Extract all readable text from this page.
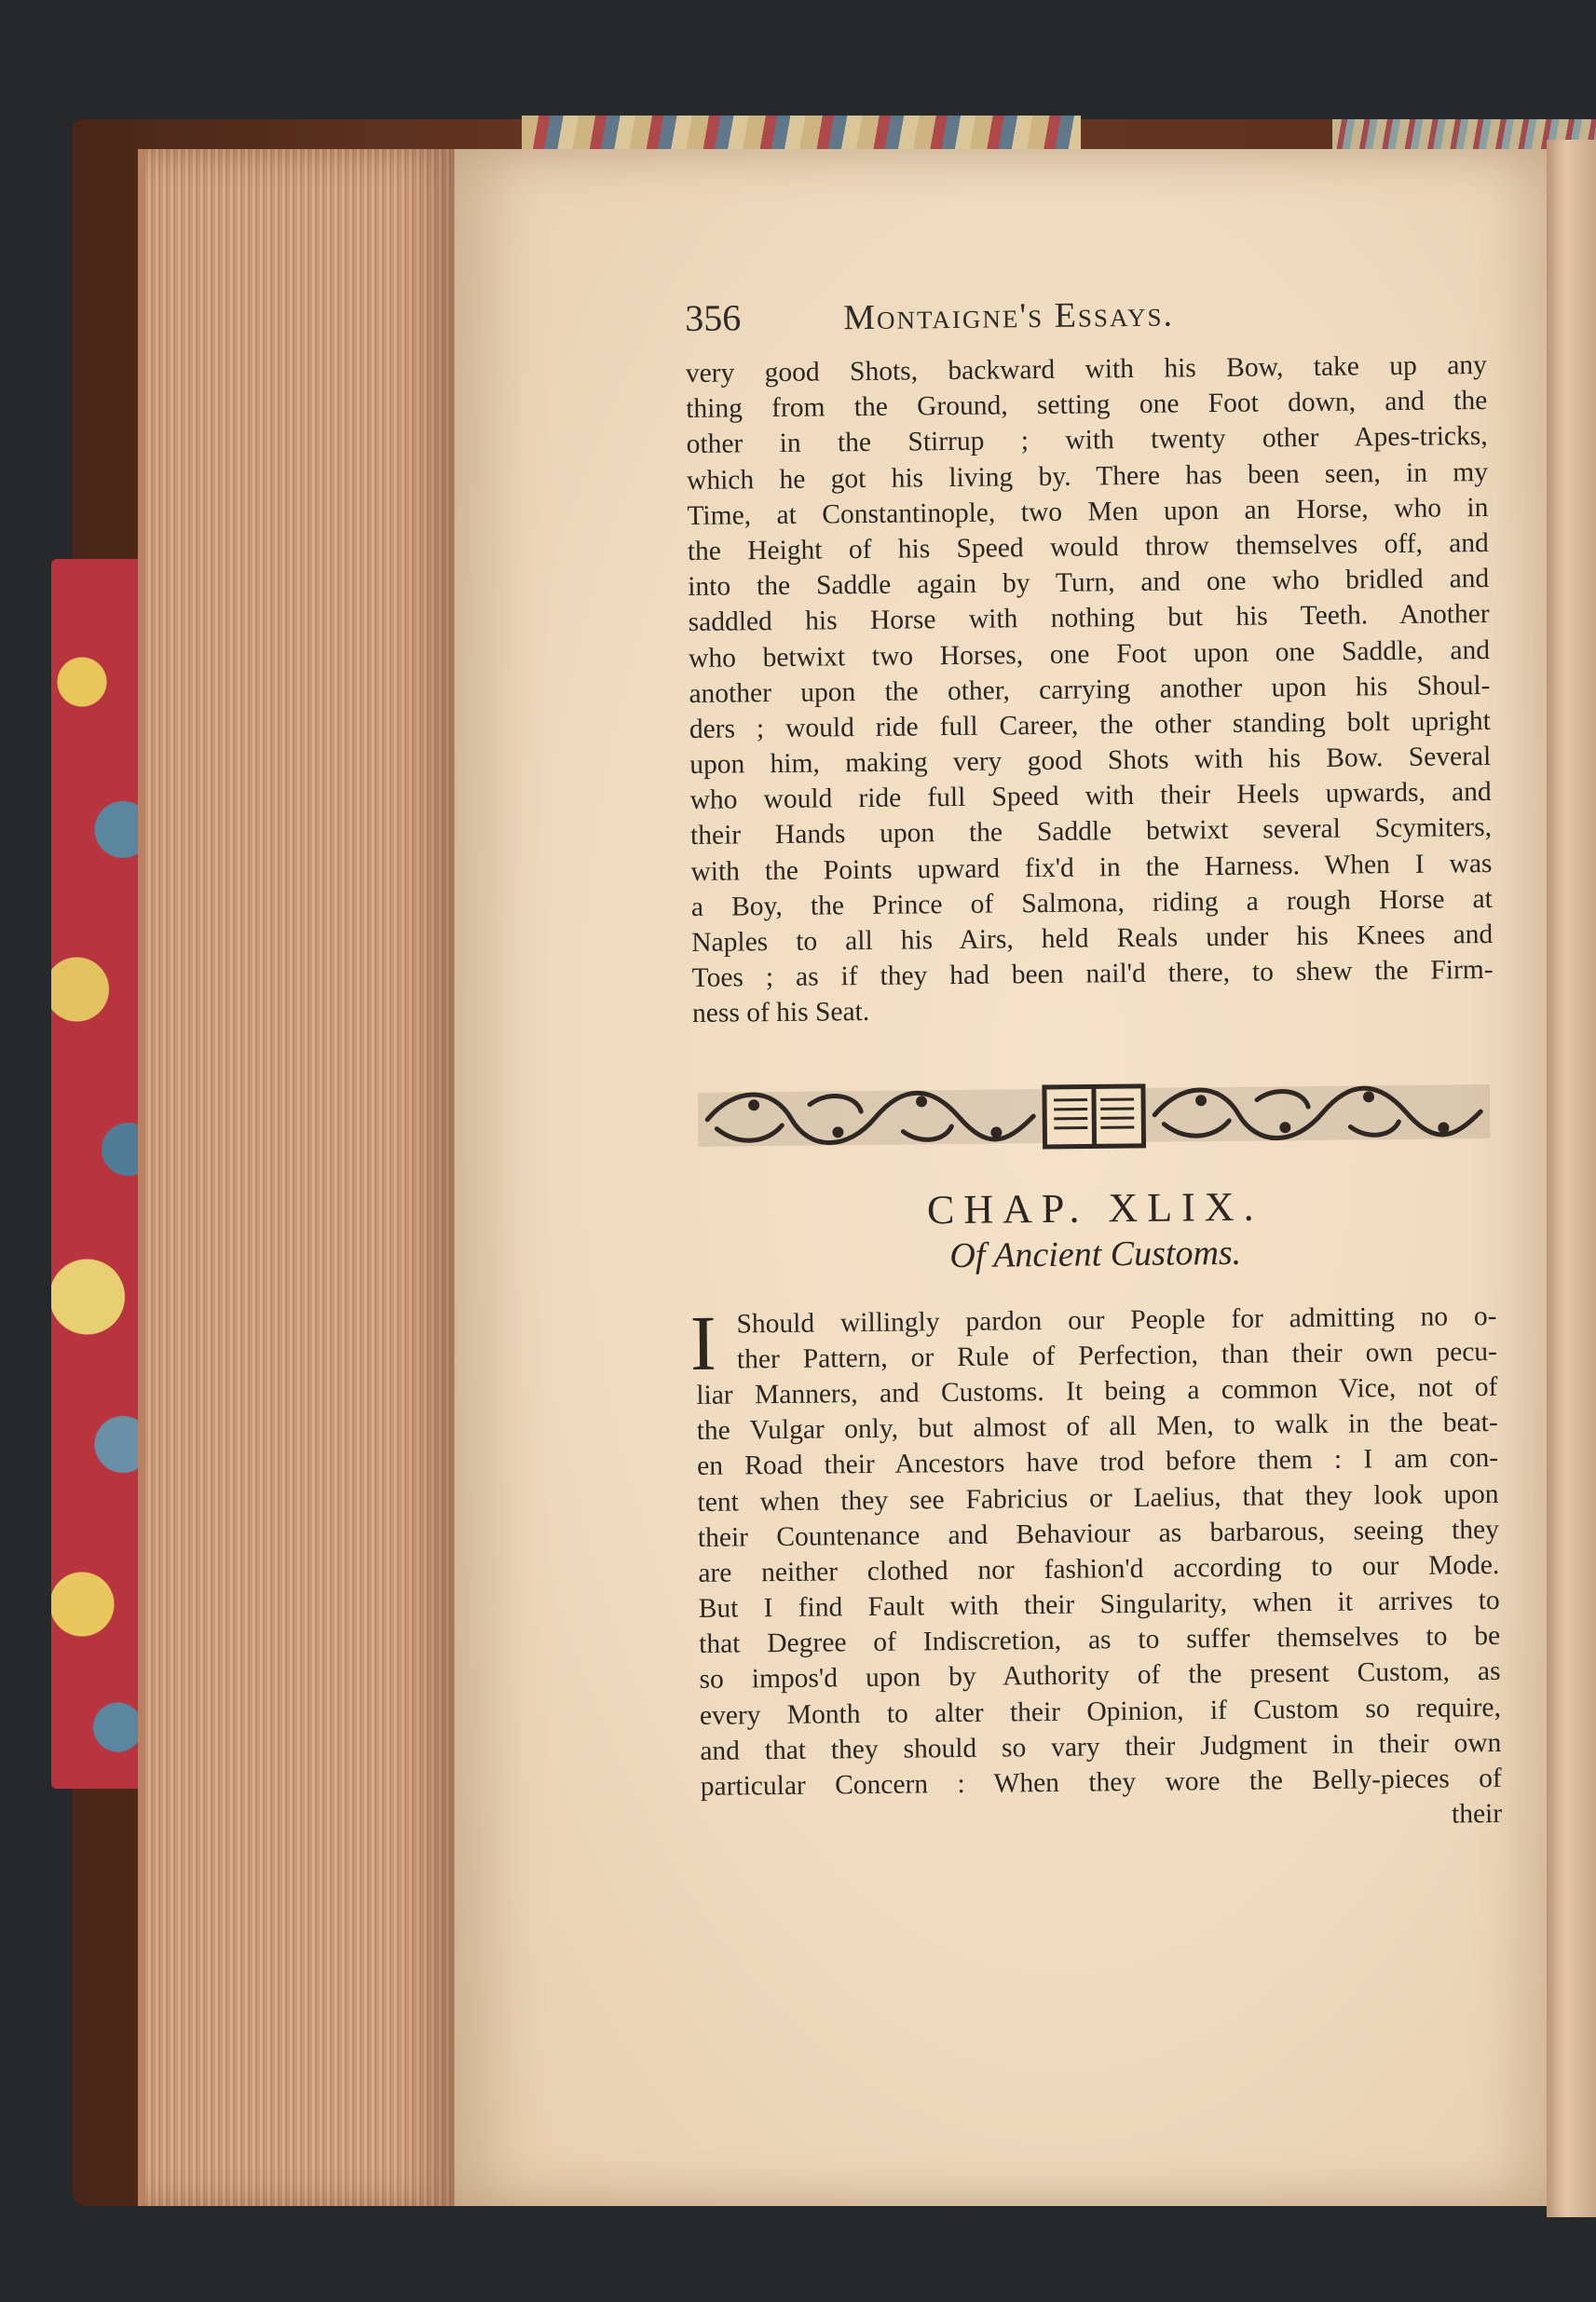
356	Montaigne's Essays.
very good Shots, backward with his Bow, take up any
thing from the Ground, setting one Foot down, and the
other in the Stirrup ; with twenty other Apes-tricks,
which he got his living by. There has been seen, in my
Time, at Constantinople, two Men upon an Horse, who in
the Height of his Speed would throw themselves off, and
into the Saddle again by Turn, and one who bridled and
saddled his Horse with nothing but his Teeth. Another
who betwixt two Horses, one Foot upon one Saddle, and
another upon the other, carrying another upon his Shoul-
ders ; would ride full Career, the other standing bolt upright
upon him, making very good Shots with his Bow. Several
who would ride full Speed with their Heels upwards, and
their Hands upon the Saddle betwixt several Scymiters,
with the Points upward fix'd in the Harness. When I was
a Boy, the Prince of Salmona, riding a rough Horse at
Naples to all his Airs, held Reals under his Knees and
Toes ; as if they had been nail'd there, to shew the Firm-
ness of his Seat.
CHAP. XLIX.
Of Ancient Customs.
I Should willingly pardon our People for admitting no o-
ther Pattern, or Rule of Perfection, than their own pecu-
liar Manners, and Customs. It being a common Vice, not of
the Vulgar only, but almost of all Men, to walk in the beat-
en Road their Ancestors have trod before them : I am con-
tent when they see Fabricius or Laelius, that they look upon
their Countenance and Behaviour as barbarous, seeing they
are neither clothed nor fashion'd according to our Mode.
But I find Fault with their Singularity, when it arrives to
that Degree of Indiscretion, as to suffer themselves to be
so impos'd upon by Authority of the present Custom, as
every Month to alter their Opinion, if Custom so require,
and that they should so vary their Judgment in their own
particular Concern : When they wore the Belly-pieces of
their
